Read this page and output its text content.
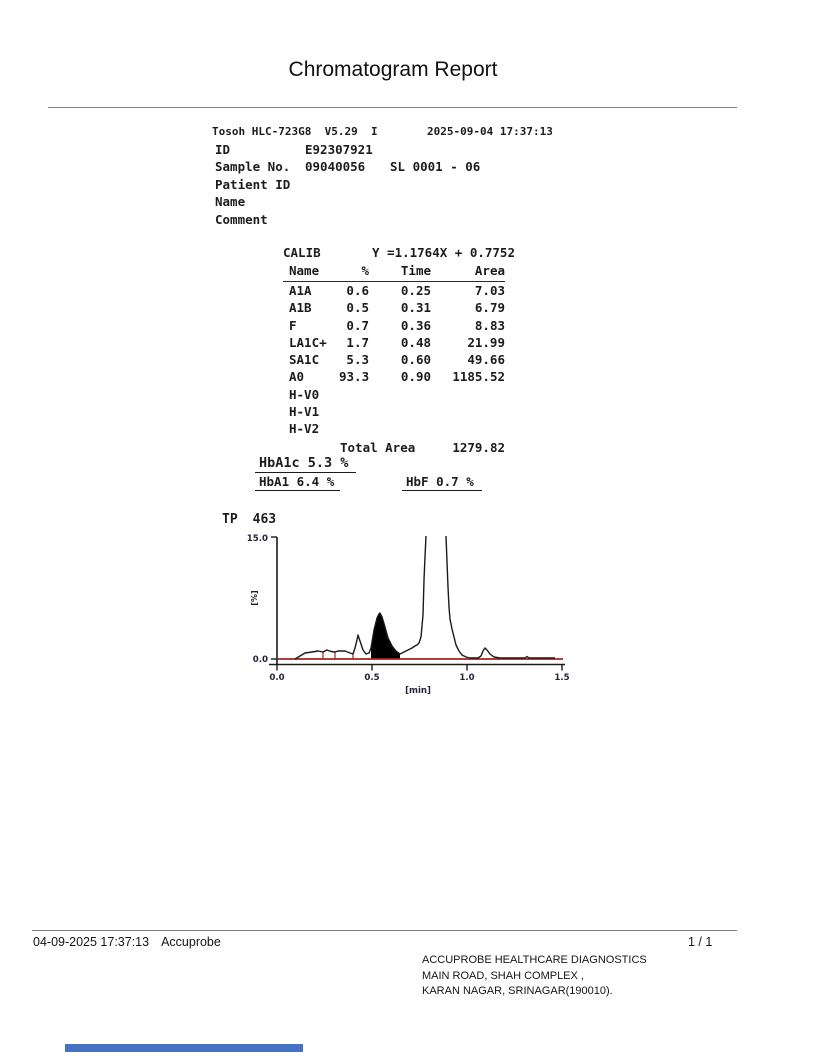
Chromatogram Report
Tosoh HLC-723G8  V5.29  I	2025-09-04 17:37:13
ID	E92307921
Sample No.	09040056	SL 0001 - 06
Patient ID
Name
Comment
CALIB	Y =1.1764X + 0.7752
Name	%	Time	Area
A1A	0.6	0.25	7.03
A1B	0.5	0.31	6.79
F	0.7	0.36	8.83
LA1C+	1.7	0.48	21.99
SA1C	5.3	0.60	49.66
A0	93.3	0.90	1185.52
H-V0
H-V1
H-V2
Total Area	1279.82
HbA1c 5.3 %
HbA1 6.4 %	HbF 0.7 %
TP 463
15.0
0.0
[%]
0.0	0.5	1.0	1.5
[min]
04-09-2025 17:37:13 Accuprobe	1 / 1
ACCUPROBE HEALTHCARE DIAGNOSTICS
MAIN ROAD, SHAH COMPLEX ,
KARAN NAGAR, SRINAGAR(190010).
